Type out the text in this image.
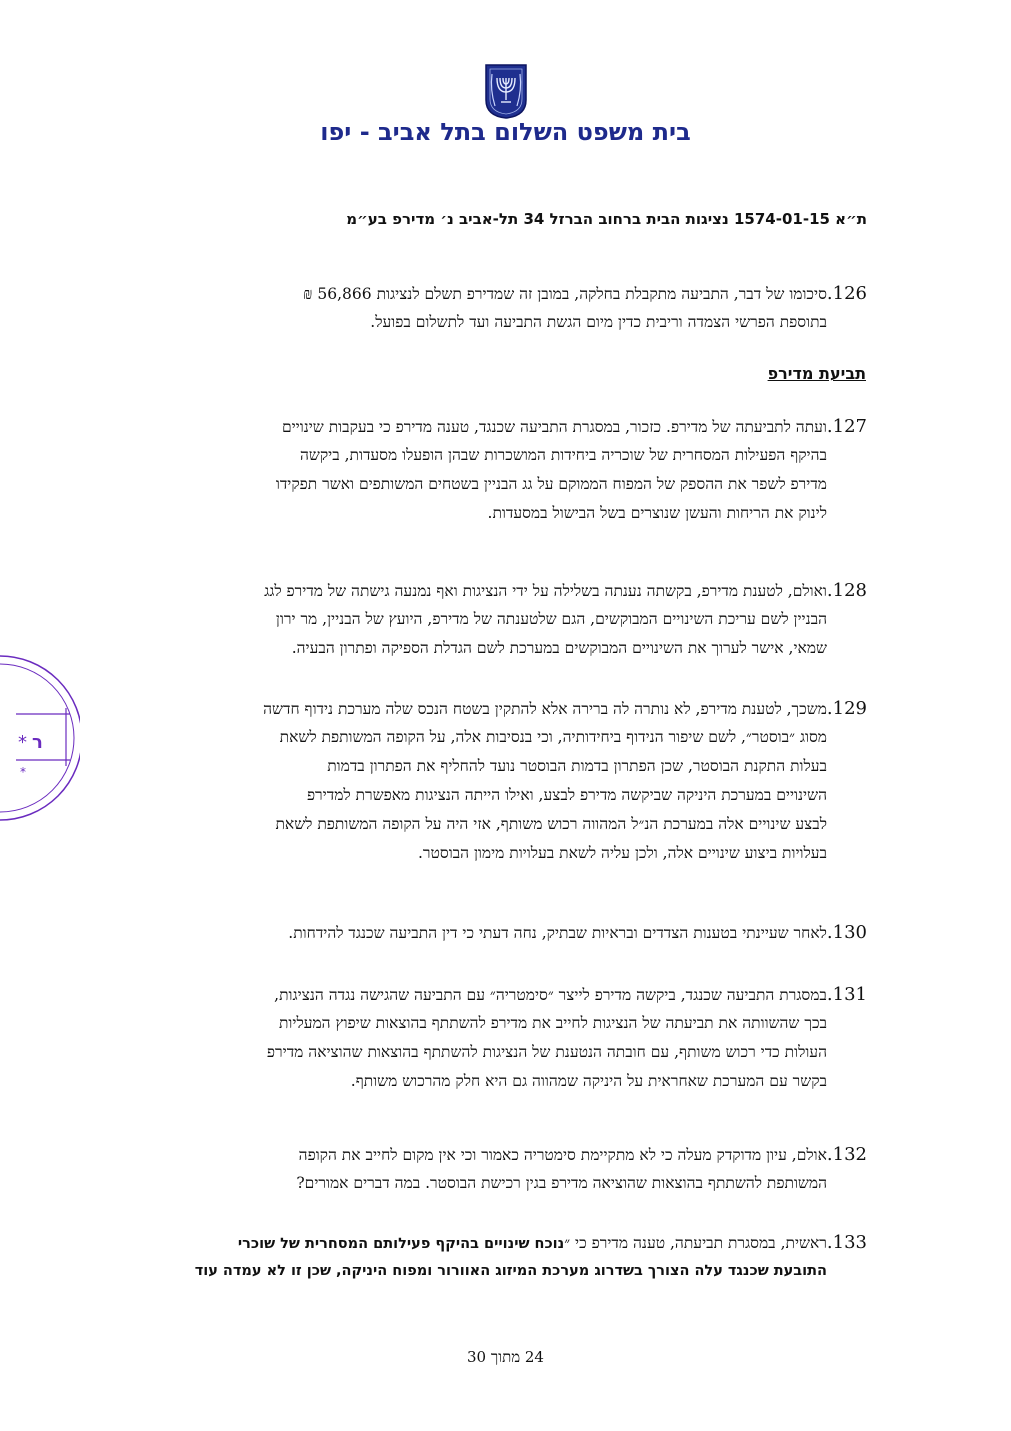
בית משפט השלום בתל אביב - יפו
ת״א 1574-01-15 נציגות הבית ברחוב הברזל 34 תל-אביב נ׳ מדירפ בע״מ
126.סיכומו של דבר, התביעה מתקבלת בחלקה, במובן זה שמדירפ תשלם לנציגות 56,866 ₪
בתוספת הפרשי הצמדה וריבית כדין מיום הגשת התביעה ועד לתשלום בפועל.
תביעת מדירפ
127.ועתה לתביעתה של מדירפ. כזכור, במסגרת התביעה שכנגד, טענה מדירפ כי בעקבות שינויים
בהיקף הפעילות המסחרית של שוכריה ביחידות המושכרות שבהן הופעלו מסעדות, ביקשה
מדירפ לשפר את ההספק של המפוח הממוקם על גג הבניין בשטחים המשותפים ואשר תפקידו
לינוק את הריחות והעשן שנוצרים בשל הבישול במסעדות.
128.ואולם, לטענת מדירפ, בקשתה נענתה בשלילה על ידי הנציגות ואף נמנעה גישתה של מדירפ לגג
הבניין לשם עריכת השינויים המבוקשים, הגם שלטענתה של מדירפ, היועץ של הבניין, מר ירון
שמאי, אישר לערוך את השינויים המבוקשים במערכת לשם הגדלת הספיקה ופתרון הבעיה.
129.משכך, לטענת מדירפ, לא נותרה לה ברירה אלא להתקין בשטח הנכס שלה מערכת נידוף חדשה
מסוג ״בוסטר״, לשם שיפור הנידוף ביחידותיה, וכי בנסיבות אלה, על הקופה המשותפת לשאת
בעלות התקנת הבוסטר, שכן הפתרון בדמות הבוסטר נועד להחליף את הפתרון בדמות
השינויים במערכת היניקה שביקשה מדירפ לבצע, ואילו הייתה הנציגות מאפשרת למדירפ
לבצע שינויים אלה במערכת הנ״ל המהווה רכוש משותף, אזי היה על הקופה המשותפת לשאת
בעלויות ביצוע שינויים אלה, ולכן עליה לשאת בעלויות מימון הבוסטר.
130.לאחר שעיינתי בטענות הצדדים ובראיות שבתיק, נחה דעתי כי דין התביעה שכנגד להידחות.
131.במסגרת התביעה שכנגד, ביקשה מדירפ לייצר ״סימטריה״ עם התביעה שהגישה נגדה הנציגות,
בכך שהשוותה את תביעתה של הנציגות לחייב את מדירפ להשתתף בהוצאות שיפוץ המעליות
העולות כדי רכוש משותף, עם חובתה הנטענת של הנציגות להשתתף בהוצאות שהוציאה מדירפ
בקשר עם המערכת שאחראית על היניקה שמהווה גם היא חלק מהרכוש משותף.
132.אולם, עיון מדוקדק מעלה כי לא מתקיימת סימטריה כאמור וכי אין מקום לחייב את הקופה
המשותפת להשתתף בהוצאות שהוציאה מדירפ בגין רכישת הבוסטר. במה דברים אמורים?
133.ראשית, במסגרת תביעתה, טענה מדירפ כי ״נוכח שינויים בהיקף פעילותם המסחרית של שוכרי
התובעת שכנגד עלה הצורך בשדרוג מערכת המיזוג האוורור ומפוח היניקה, שכן זו לא עמדה עוד
24 מתוך 30
* ר
*
